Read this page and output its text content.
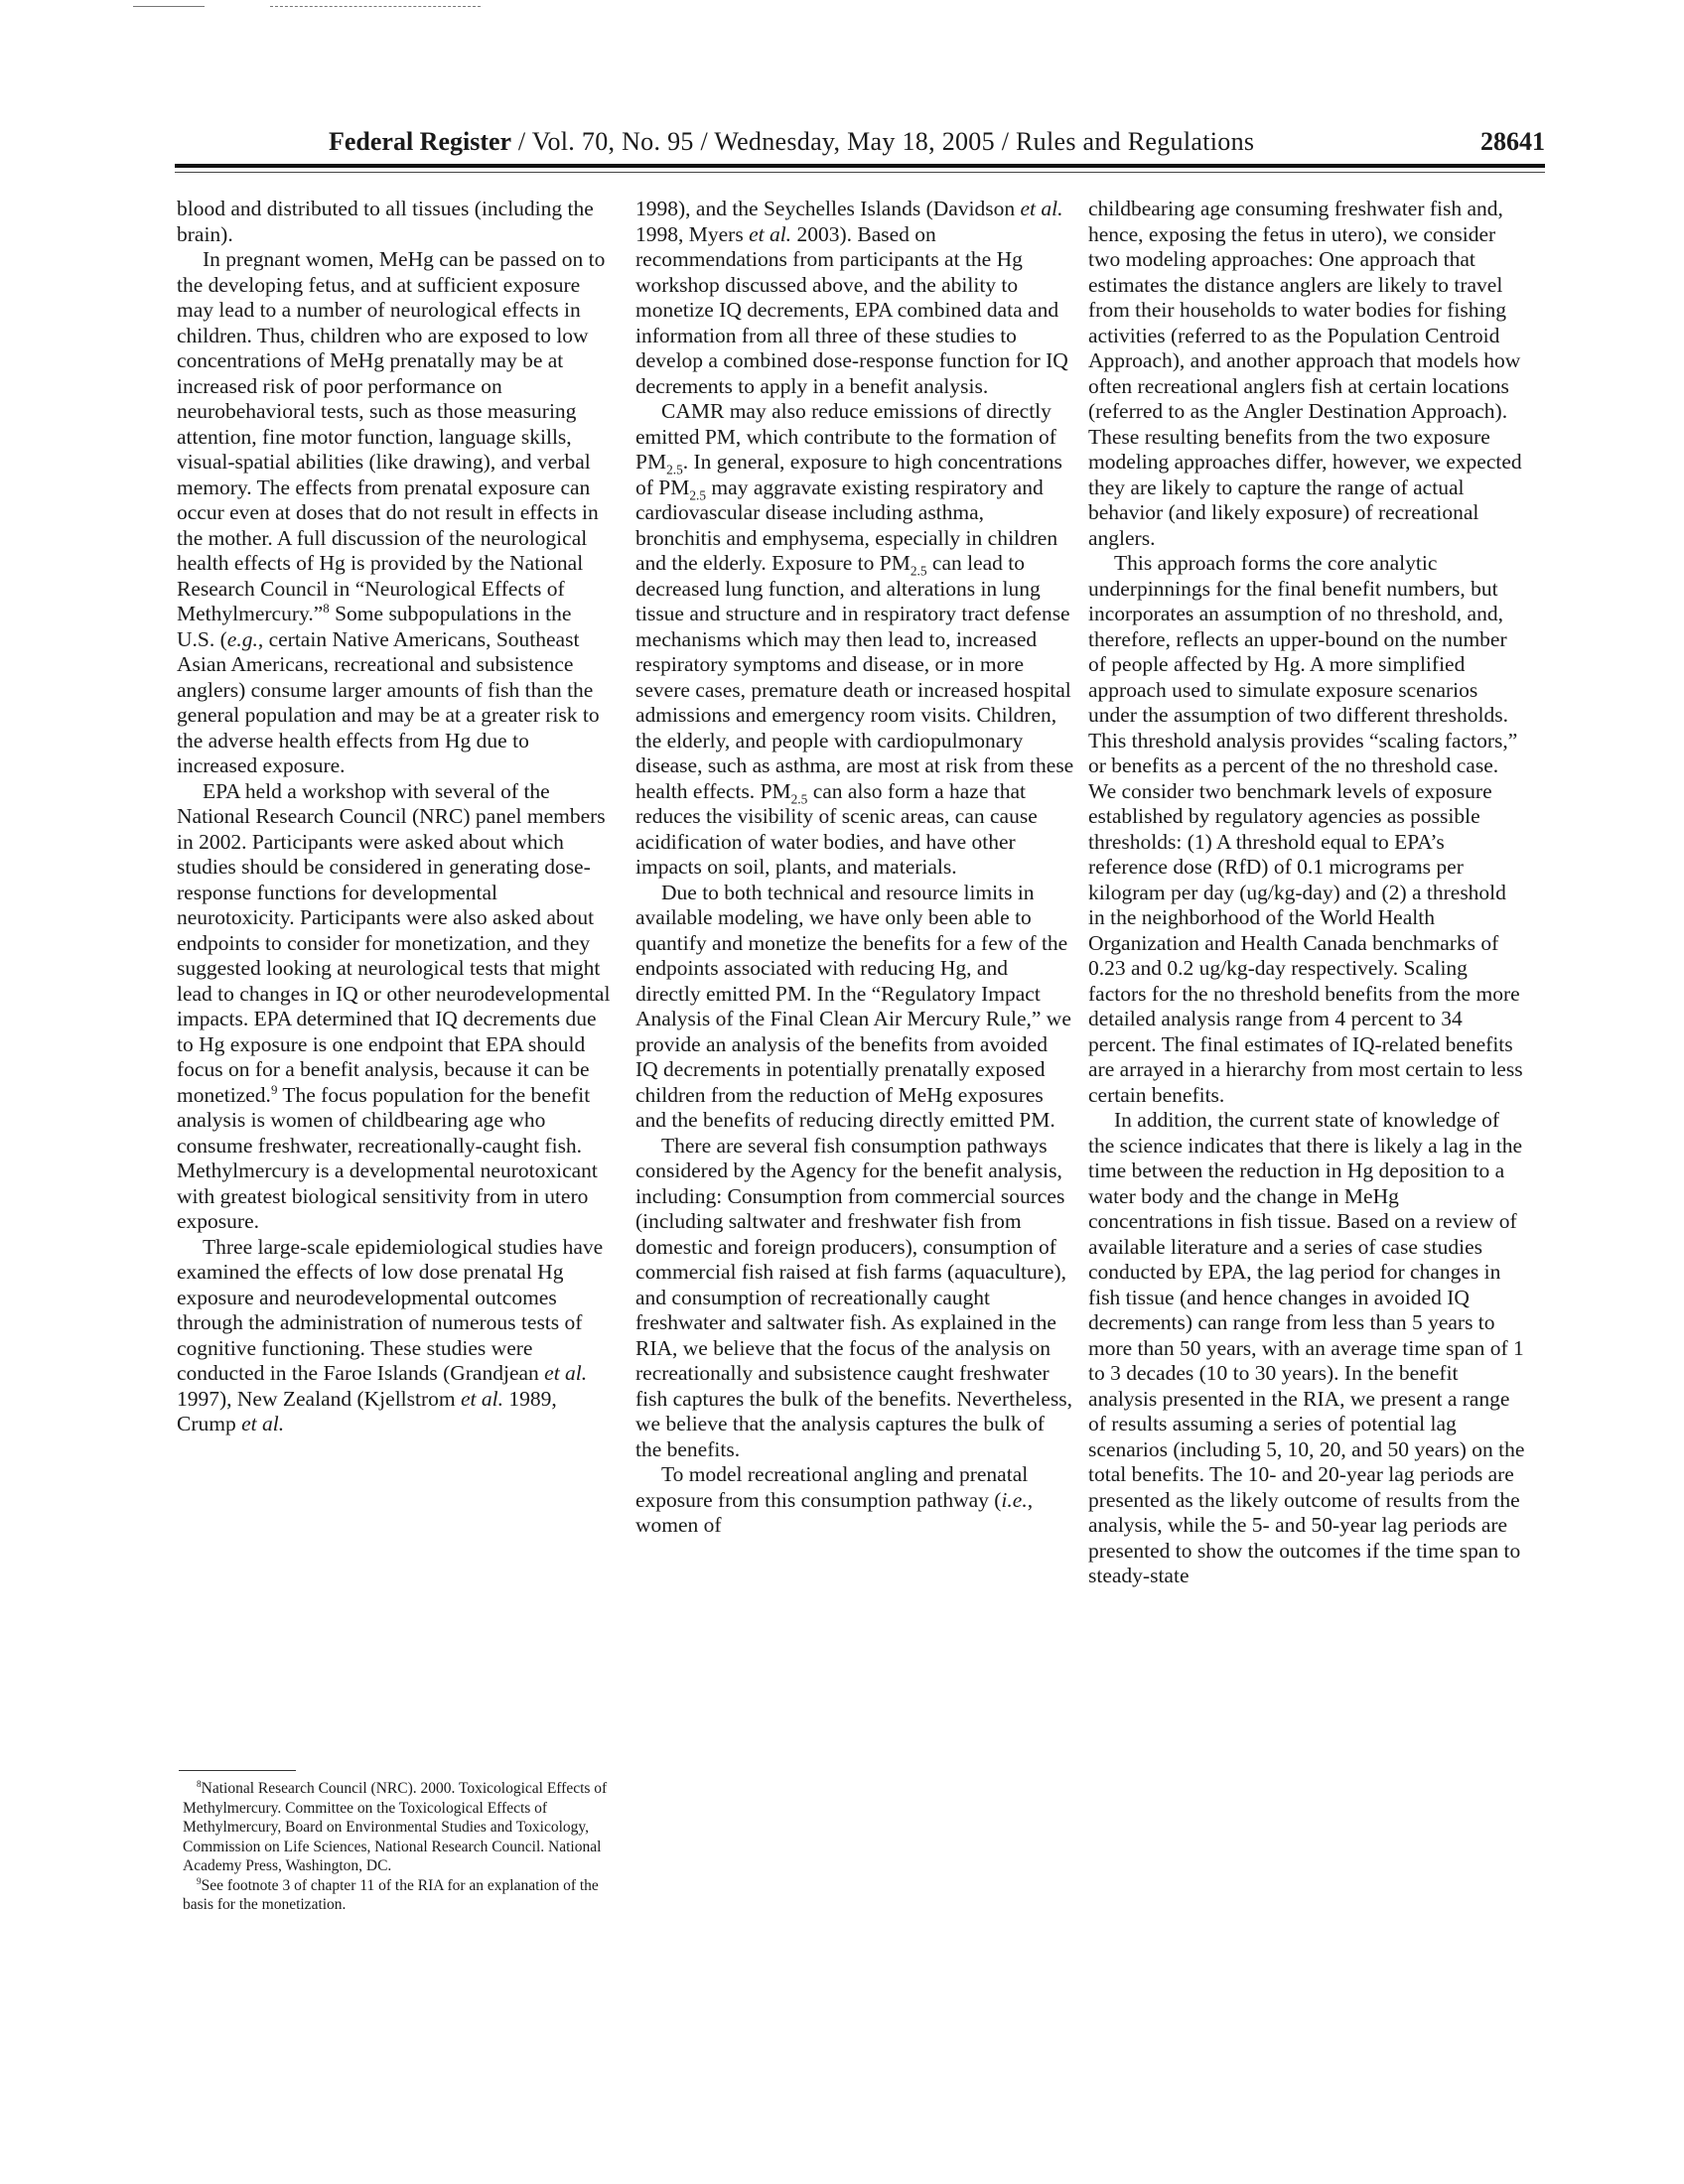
Federal Register / Vol. 70, No. 95 / Wednesday, May 18, 2005 / Rules and Regulations	28641

blood and distributed to all tissues (including the brain).

In pregnant women, MeHg can be passed on to the developing fetus, and at sufficient exposure may lead to a number of neurological effects in children. Thus, children who are exposed to low concentrations of MeHg prenatally may be at increased risk of poor performance on neurobehavioral tests, such as those measuring attention, fine motor function, language skills, visual-spatial abilities (like drawing), and verbal memory. The effects from prenatal exposure can occur even at doses that do not result in effects in the mother. A full discussion of the neurological health effects of Hg is provided by the National Research Council in “Neurological Effects of Methylmercury.”$^8$ Some subpopulations in the U.S. (e.g., certain Native Americans, Southeast Asian Americans, recreational and subsistence anglers) consume larger amounts of fish than the general population and may be at a greater risk to the adverse health effects from Hg due to increased exposure.

EPA held a workshop with several of the National Research Council (NRC) panel members in 2002. Participants were asked about which studies should be considered in generating dose-response functions for developmental neurotoxicity. Participants were also asked about endpoints to consider for monetization, and they suggested looking at neurological tests that might lead to changes in IQ or other neurodevelopmental impacts. EPA determined that IQ decrements due to Hg exposure is one endpoint that EPA should focus on for a benefit analysis, because it can be monetized.$^9$ The focus population for the benefit analysis is women of childbearing age who consume freshwater, recreationally-caught fish. Methylmercury is a developmental neurotoxicant with greatest biological sensitivity from in utero exposure.

Three large-scale epidemiological studies have examined the effects of low dose prenatal Hg exposure and neurodevelopmental outcomes through the administration of numerous tests of cognitive functioning. These studies were conducted in the Faroe Islands (Grandjean et al. 1997), New Zealand (Kjellstrom et al. 1989, Crump et al.

$^8$National Research Council (NRC). 2000. Toxicological Effects of Methylmercury. Committee on the Toxicological Effects of Methylmercury, Board on Environmental Studies and Toxicology, Commission on Life Sciences, National Research Council. National Academy Press, Washington, DC.

$^9$See footnote 3 of chapter 11 of the RIA for an explanation of the basis for the monetization.

1998), and the Seychelles Islands (Davidson et al. 1998, Myers et al. 2003). Based on recommendations from participants at the Hg workshop discussed above, and the ability to monetize IQ decrements, EPA combined data and information from all three of these studies to develop a combined dose-response function for IQ decrements to apply in a benefit analysis.

CAMR may also reduce emissions of directly emitted PM, which contribute to the formation of $PM_{2.5}$. In general, exposure to high concentrations of $PM_{2.5}$ may aggravate existing respiratory and cardiovascular disease including asthma, bronchitis and emphysema, especially in children and the elderly. Exposure to $PM_{2.5}$ can lead to decreased lung function, and alterations in lung tissue and structure and in respiratory tract defense mechanisms which may then lead to, increased respiratory symptoms and disease, or in more severe cases, premature death or increased hospital admissions and emergency room visits. Children, the elderly, and people with cardiopulmonary disease, such as asthma, are most at risk from these health effects. $PM_{2.5}$ can also form a haze that reduces the visibility of scenic areas, can cause acidification of water bodies, and have other impacts on soil, plants, and materials.

Due to both technical and resource limits in available modeling, we have only been able to quantify and monetize the benefits for a few of the endpoints associated with reducing Hg, and directly emitted PM. In the “Regulatory Impact Analysis of the Final Clean Air Mercury Rule,” we provide an analysis of the benefits from avoided IQ decrements in potentially prenatally exposed children from the reduction of MeHg exposures and the benefits of reducing directly emitted PM.

There are several fish consumption pathways considered by the Agency for the benefit analysis, including: Consumption from commercial sources (including saltwater and freshwater fish from domestic and foreign producers), consumption of commercial fish raised at fish farms (aquaculture), and consumption of recreationally caught freshwater and saltwater fish. As explained in the RIA, we believe that the focus of the analysis on recreationally and subsistence caught freshwater fish captures the bulk of the benefits. Nevertheless, we believe that the analysis captures the bulk of the benefits.

To model recreational angling and prenatal exposure from this consumption pathway (i.e., women of

childbearing age consuming freshwater fish and, hence, exposing the fetus in utero), we consider two modeling approaches: One approach that estimates the distance anglers are likely to travel from their households to water bodies for fishing activities (referred to as the Population Centroid Approach), and another approach that models how often recreational anglers fish at certain locations (referred to as the Angler Destination Approach). These resulting benefits from the two exposure modeling approaches differ, however, we expected they are likely to capture the range of actual behavior (and likely exposure) of recreational anglers.

This approach forms the core analytic underpinnings for the final benefit numbers, but incorporates an assumption of no threshold, and, therefore, reflects an upper-bound on the number of people affected by Hg. A more simplified approach used to simulate exposure scenarios under the assumption of two different thresholds. This threshold analysis provides “scaling factors,” or benefits as a percent of the no threshold case. We consider two benchmark levels of exposure established by regulatory agencies as possible thresholds: (1) A threshold equal to EPA’s reference dose (RfD) of 0.1 micrograms per kilogram per day (ug/kg-day) and (2) a threshold in the neighborhood of the World Health Organization and Health Canada benchmarks of 0.23 and 0.2 ug/kg-day respectively. Scaling factors for the no threshold benefits from the more detailed analysis range from 4 percent to 34 percent. The final estimates of IQ-related benefits are arrayed in a hierarchy from most certain to less certain benefits.

In addition, the current state of knowledge of the science indicates that there is likely a lag in the time between the reduction in Hg deposition to a water body and the change in MeHg concentrations in fish tissue. Based on a review of available literature and a series of case studies conducted by EPA, the lag period for changes in fish tissue (and hence changes in avoided IQ decrements) can range from less than 5 years to more than 50 years, with an average time span of 1 to 3 decades (10 to 30 years). In the benefit analysis presented in the RIA, we present a range of results assuming a series of potential lag scenarios (including 5, 10, 20, and 50 years) on the total benefits. The 10- and 20-year lag periods are presented as the likely outcome of results from the analysis, while the 5- and 50-year lag periods are presented to show the outcomes if the time span to steady-state
